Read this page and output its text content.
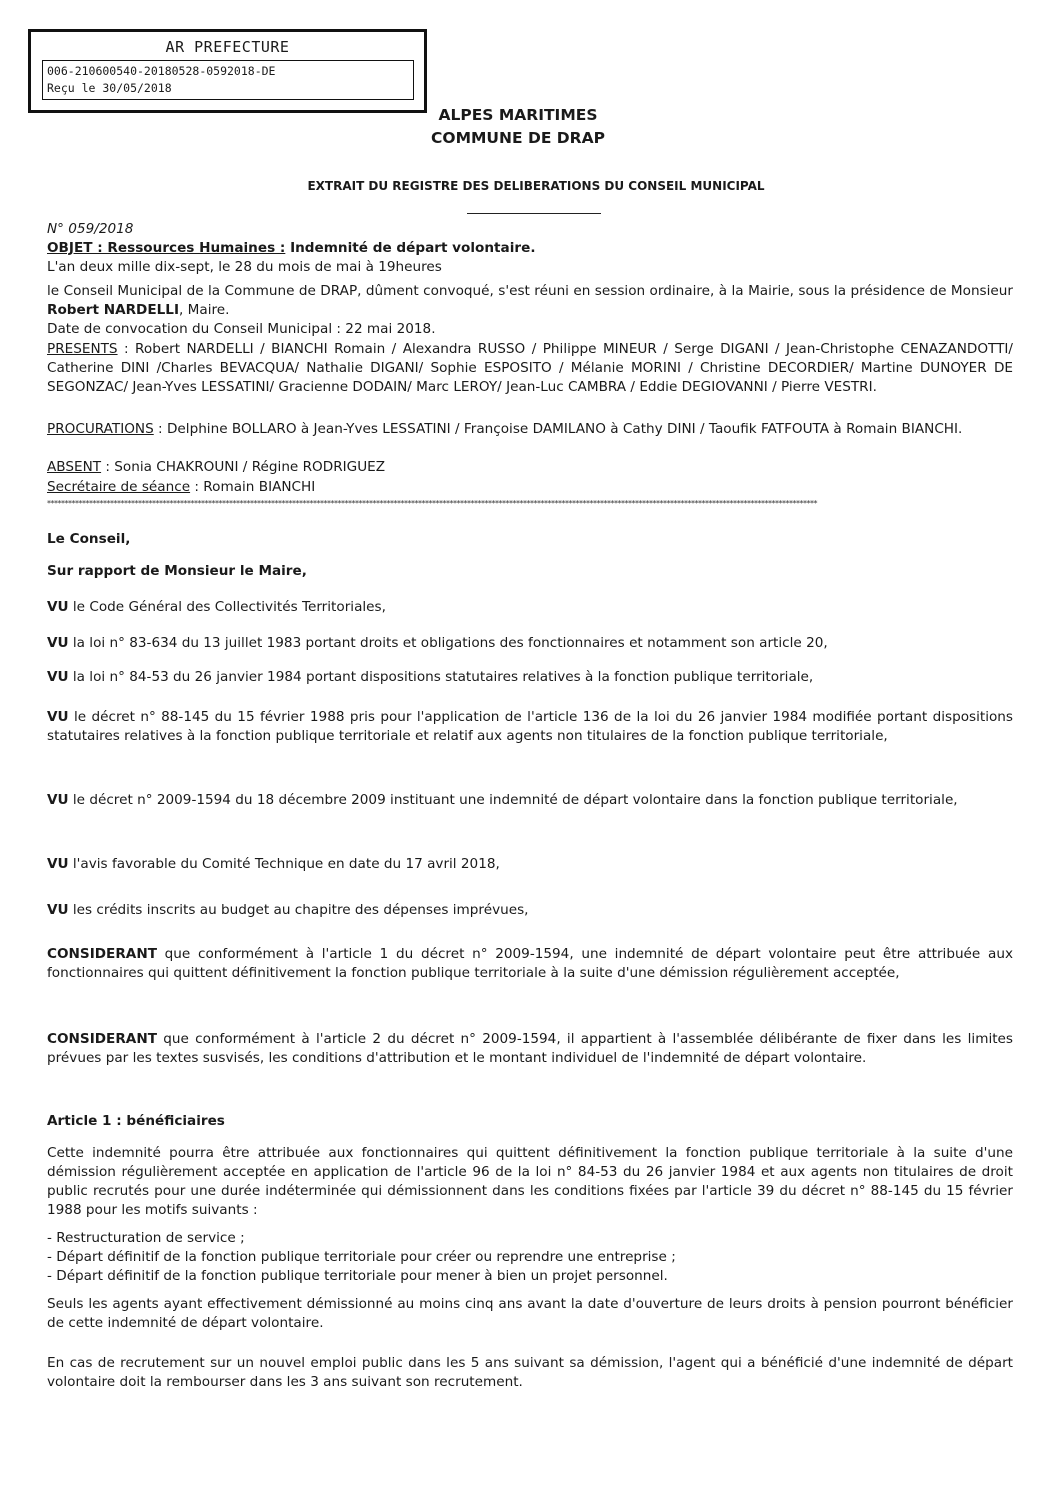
AR PREFECTURE
006-210600540-20180528-0592018-DE
Reçu le 30/05/2018
ALPES MARITIMES
COMMUNE DE DRAP
EXTRAIT DU REGISTRE DES DELIBERATIONS DU CONSEIL MUNICIPAL
N° 059/2018
OBJET : Ressources Humaines : Indemnité de départ volontaire.
L'an deux mille dix-sept, le 28 du mois de mai à 19heures
le Conseil Municipal de la Commune de DRAP, dûment convoqué, s'est réuni en session ordinaire, à la Mairie, sous la présidence de Monsieur Robert NARDELLI, Maire.
Date de convocation du Conseil Municipal : 22 mai 2018.
PRESENTS : Robert NARDELLI / BIANCHI Romain / Alexandra RUSSO / Philippe MINEUR / Serge DIGANI / Jean-Christophe CENAZANDOTTI/ Catherine DINI /Charles BEVACQUA/ Nathalie DIGANI/ Sophie ESPOSITO / Mélanie MORINI / Christine DECORDIER/ Martine DUNOYER DE SEGONZAC/ Jean-Yves LESSATINI/ Gracienne DODAIN/ Marc LEROY/ Jean-Luc CAMBRA / Eddie DEGIOVANNI / Pierre VESTRI.
PROCURATIONS : Delphine BOLLARO à Jean-Yves LESSATINI / Françoise DAMILANO à Cathy DINI / Taoufik FATFOUTA à Romain BIANCHI.
ABSENT : Sonia CHAKROUNI / Régine RODRIGUEZ
Secrétaire de séance : Romain BIANCHI
****************************************************************************************************************************************************************************************************************************
Le Conseil,
Sur rapport de Monsieur le Maire,
VU le Code Général des Collectivités Territoriales,
VU la loi n° 83-634 du 13 juillet 1983 portant droits et obligations des fonctionnaires et notamment son article 20,
VU la loi n° 84-53 du 26 janvier 1984 portant dispositions statutaires relatives à la fonction publique territoriale,
VU le décret n° 88-145 du 15 février 1988 pris pour l'application de l'article 136 de la loi du 26 janvier 1984 modifiée portant dispositions statutaires relatives à la fonction publique territoriale et relatif aux agents non titulaires de la fonction publique territoriale,
VU le décret n° 2009-1594 du 18 décembre 2009 instituant une indemnité de départ volontaire dans la fonction publique territoriale,
VU l'avis favorable du Comité Technique en date du 17 avril 2018,
VU les crédits inscrits au budget au chapitre des dépenses imprévues,
CONSIDERANT que conformément à l'article 1 du décret n° 2009-1594, une indemnité de départ volontaire peut être attribuée aux fonctionnaires qui quittent définitivement la fonction publique territoriale à la suite d'une démission régulièrement acceptée,
CONSIDERANT que conformément à l'article 2 du décret n° 2009-1594, il appartient à l'assemblée délibérante de fixer dans les limites prévues par les textes susvisés, les conditions d'attribution et le montant individuel de l'indemnité de départ volontaire.
Article 1 : bénéficiaires
Cette indemnité pourra être attribuée aux fonctionnaires qui quittent définitivement la fonction publique territoriale à la suite d'une démission régulièrement acceptée en application de l'article 96 de la loi n° 84-53 du 26 janvier 1984 et aux agents non titulaires de droit public recrutés pour une durée indéterminée qui démissionnent dans les conditions fixées par l'article 39 du décret n° 88-145 du 15 février 1988 pour les motifs suivants :
- Restructuration de service ;
- Départ définitif de la fonction publique territoriale pour créer ou reprendre une entreprise ;
- Départ définitif de la fonction publique territoriale pour mener à bien un projet personnel.
Seuls les agents ayant effectivement démissionné au moins cinq ans avant la date d'ouverture de leurs droits à pension pourront bénéficier de cette indemnité de départ volontaire.
En cas de recrutement sur un nouvel emploi public dans les 5 ans suivant sa démission, l'agent qui a bénéficié d'une indemnité de départ volontaire doit la rembourser dans les 3 ans suivant son recrutement.
